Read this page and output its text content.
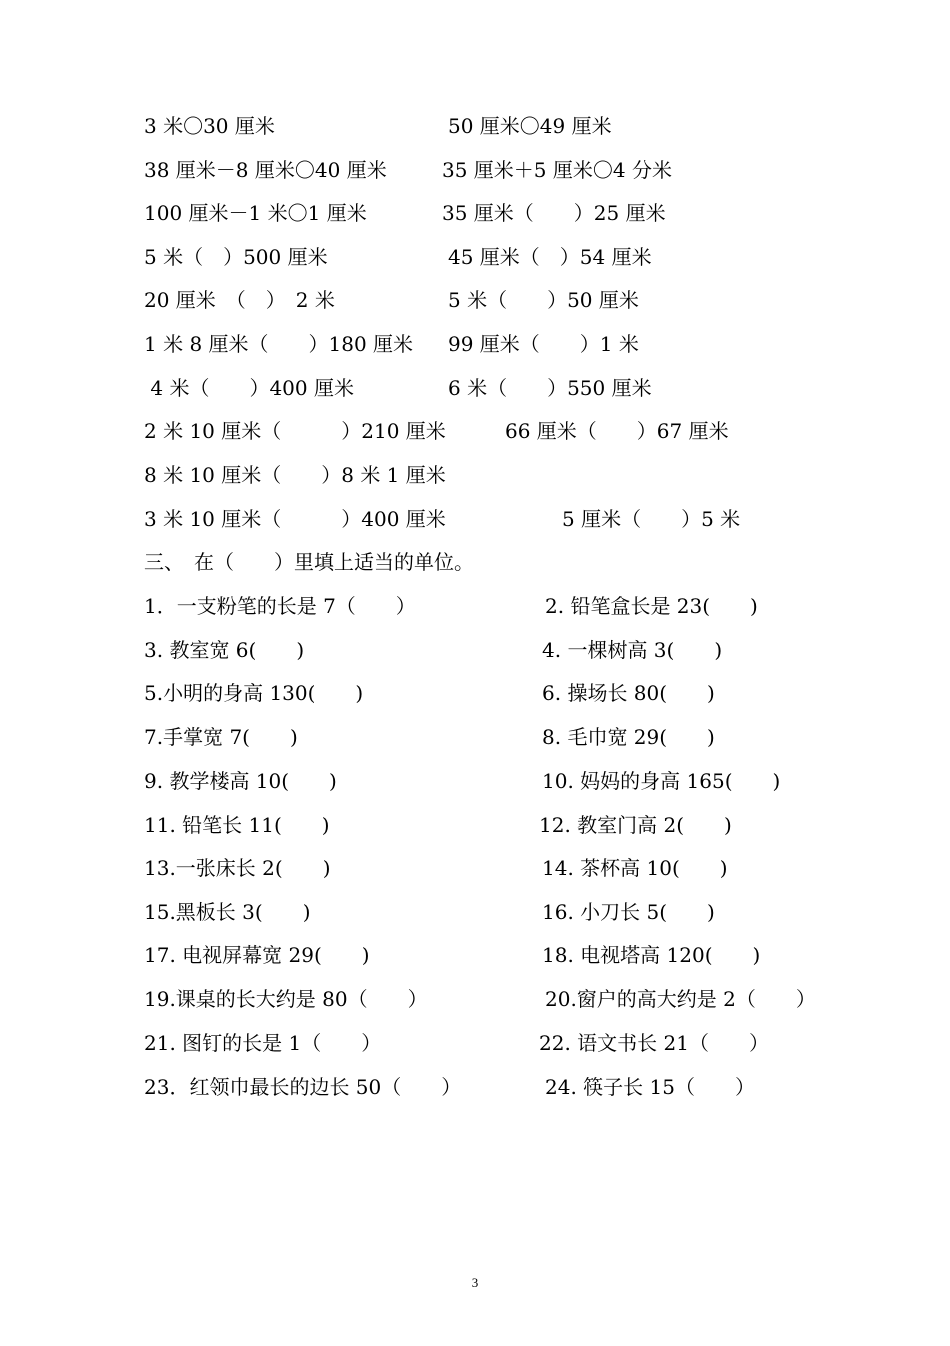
3 米〇30 厘米	50 厘米〇49 厘米
38 厘米－8 厘米〇40 厘米	35 厘米＋5 厘米〇4 分米
100 厘米－1 米〇1 厘米	35 厘米（　　）25 厘米
5 米（　）500 厘米	45 厘米（　）54 厘米
20 厘米　（　）　2 米	5 米（　　）50 厘米
1 米 8 厘米（　　）180 厘米 99 厘米（　　）1 米
4 米（　　）400 厘米	6 米（　　）550 厘米
2 米 10 厘米（　　　）210 厘米	66 厘米（　　）67 厘米
8 米 10 厘米（　　）8 米 1 厘米
3 米 10 厘米（　　　）400 厘米	5 厘米（　　）5 米
三、　在（　　）里填上适当的单位。
1．一支粉笔的长是 7（　　）	2. 铅笔盒长是 23(　　)
3. 教室宽 6(　　)	4. 一棵树高 3(　　)
5.小明的身高 130(　　)	6. 操场长 80(　　)
7.手掌宽 7(　　)	8. 毛巾宽 29(　　)
9. 教学楼高 10(　　)	10. 妈妈的身高 165(　　)
11. 铅笔长 11(　　)	12. 教室门高 2(　　)
13.一张床长 2(　　)	14. 茶杯高 10(　　)
15.黑板长 3(　　)	16. 小刀长 5(　　)
17. 电视屏幕宽 29(　　)	18. 电视塔高 120(　　)
19.课桌的长大约是 80（　　）	20.窗户的高大约是 2（　　）
21. 图钉的长是 1（　　）	22. 语文书长 21（　　）
23．红领巾最长的边长 50（　　）	24. 筷子长 15（　　）
3
